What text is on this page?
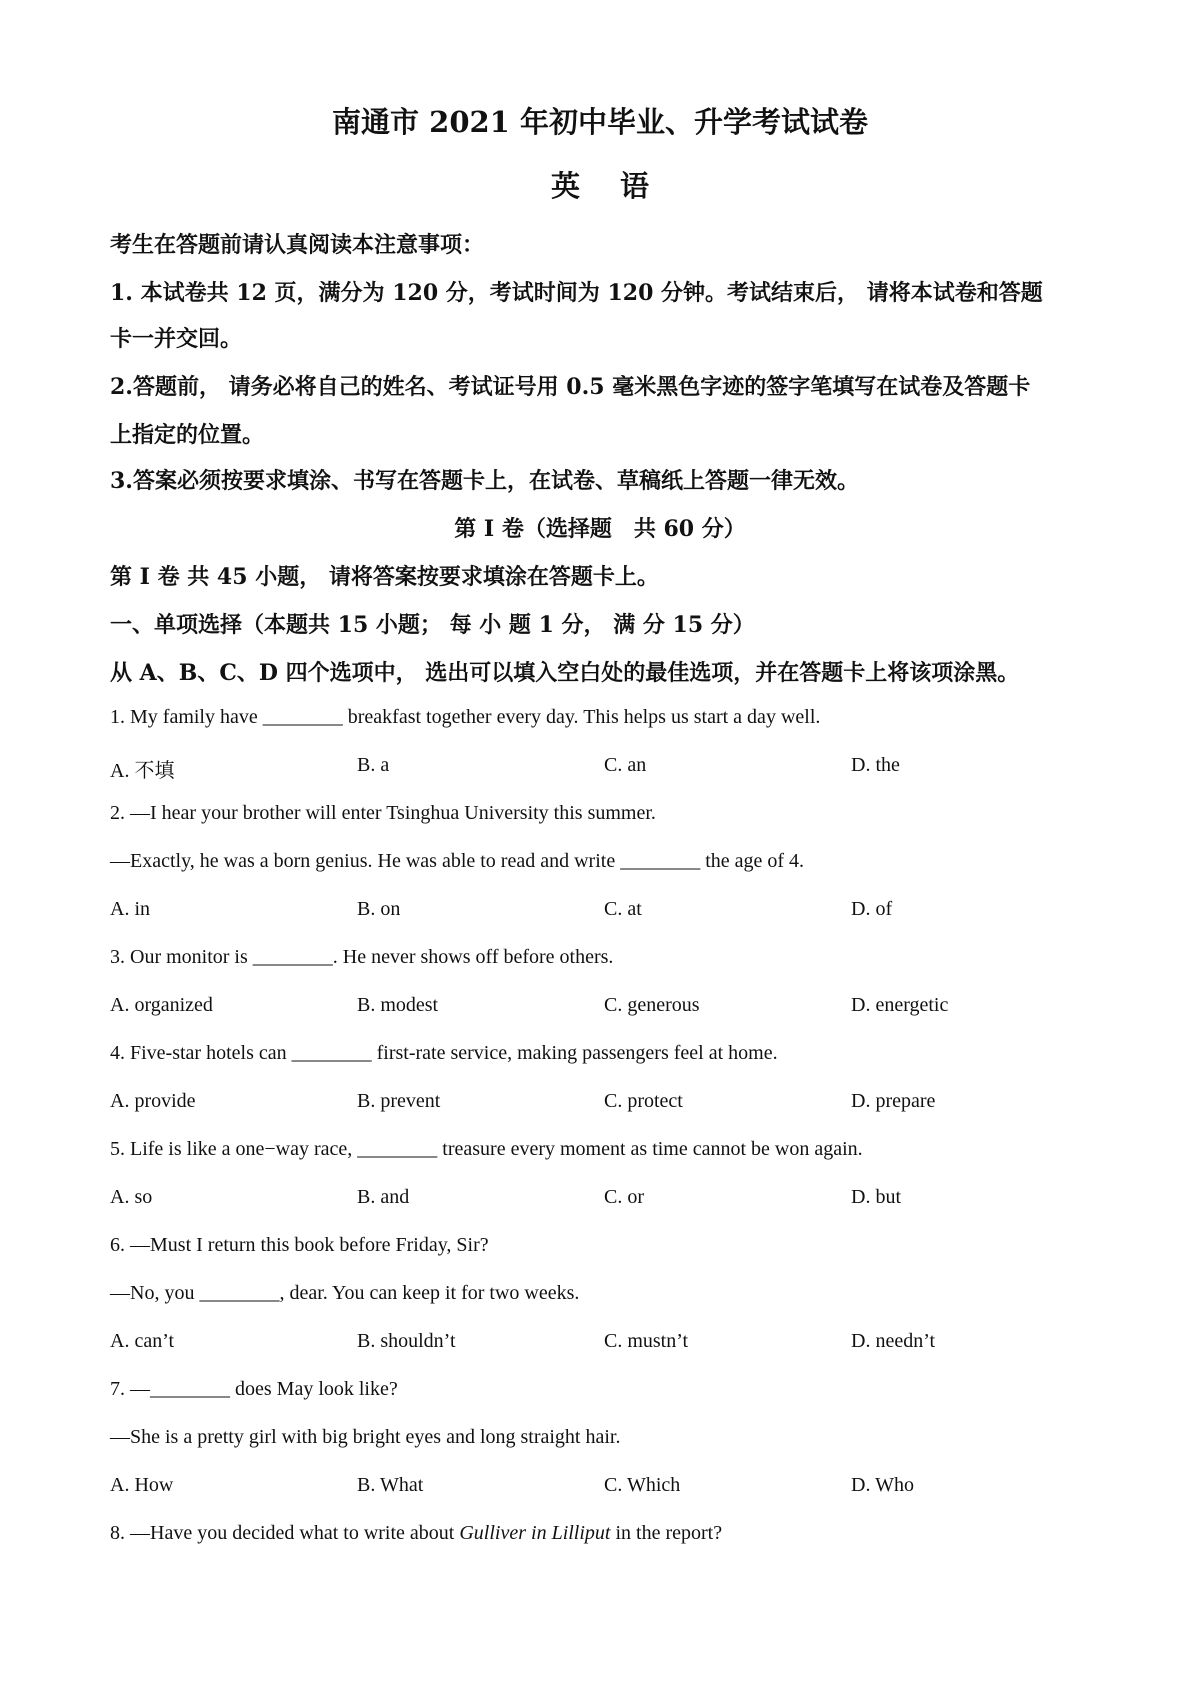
南通市 2021 年初中毕业、升学考试试卷
英语
考生在答题前请认真阅读本注意事项：
1. 本试卷共 12 页，满分为 120 分，考试时间为 120 分钟。考试结束后， 请将本试卷和答题
卡一并交回。
2.答题前， 请务必将自己的姓名、考试证号用 0.5 毫米黑色字迹的签字笔填写在试卷及答题卡
上指定的位置。
3.答案必须按要求填涂、书写在答题卡上，在试卷、草稿纸上答题一律无效。
第 I 卷（选择题　共 60 分）
第 I 卷 共 45 小题， 请将答案按要求填涂在答题卡上。
一、单项选择（本题共 15 小题； 每 小 题 1 分， 满 分 15 分）
从 A、B、C、D 四个选项中， 选出可以填入空白处的最佳选项，并在答题卡上将该项涂黑。
1. My family have ________ breakfast together every day. This helps us start a day well.
A. 不填	B. a	C. an	D. the
2. —I hear your brother will enter Tsinghua University this summer.
—Exactly, he was a born genius. He was able to read and write ________ the age of 4.
A. in	B. on	C. at	D. of
3. Our monitor is ________. He never shows off before others.
A. organized	B. modest	C. generous	D. energetic
4. Five-star hotels can ________ first-rate service, making passengers feel at home.
A. provide	B. prevent	C. protect	D. prepare
5. Life is like a one−way race, ________ treasure every moment as time cannot be won again.
A. so	B. and	C. or	D. but
6. —Must I return this book before Friday, Sir?
—No, you ________, dear. You can keep it for two weeks.
A. can’t	B. shouldn’t	C. mustn’t	D. needn’t
7. —________ does May look like?
—She is a pretty girl with big bright eyes and long straight hair.
A. How	B. What	C. Which	D. Who
8. —Have you decided what to write about Gulliver in Lilliput in the report?
